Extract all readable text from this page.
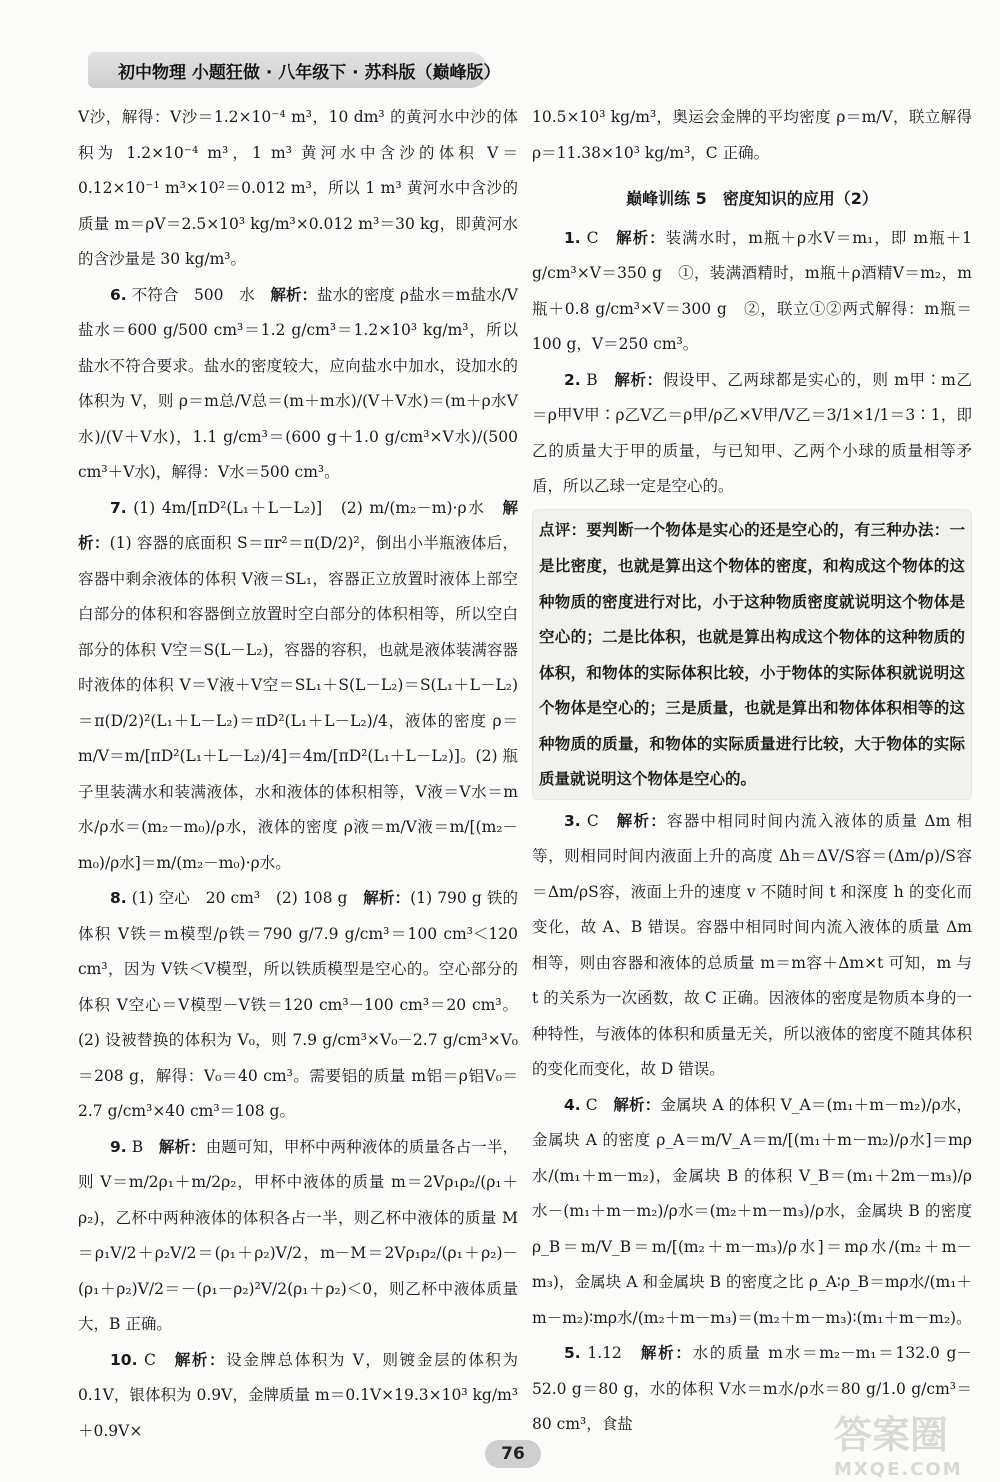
初中物理 小题狂做 · 八年级下 · 苏科版（巅峰版）

V沙，解得：V沙＝1.2×10⁻⁴ m³，10 dm³ 的黄河水中沙的体积为 1.2×10⁻⁴ m³，1 m³ 黄河水中含沙的体积 V＝0.12×10⁻¹ m³×10²＝0.012 m³，所以 1 m³ 黄河水中含沙的质量 m＝ρV＝2.5×10³ kg/m³×0.012 m³＝30 kg，即黄河水的含沙量是 30 kg/m³。

6. 不符合　500　水　 解析：盐水的密度 ρ盐水＝m盐水/V盐水＝600 g/500 cm³＝1.2 g/cm³＝1.2×10³ kg/m³，所以盐水不符合要求。盐水的密度较大，应向盐水中加水，设加水的体积为 V，则 ρ＝m总/V总＝(m＋m水)/(V＋V水)＝(m＋ρ水V水)/(V＋V水)，1.1 g/cm³＝(600 g＋1.0 g/cm³×V水)/(500 cm³＋V水)，解得：V水＝500 cm³。

7. (1) 4m/[πD²(L₁＋L－L₂)]　(2) m/(m₂－m)·ρ水　 解析：(1) 容器的底面积 S＝πr²＝π(D/2)²，倒出小半瓶液体后，容器中剩余液体的体积 V液＝SL₁，容器正立放置时液体上部空白部分的体积和容器倒立放置时空白部分的体积相等，所以空白部分的体积 V空＝S(L－L₂)，容器的容积，也就是液体装满容器时液体的体积 V＝V液＋V空＝SL₁＋S(L－L₂)＝S(L₁＋L－L₂)＝π(D/2)²(L₁＋L－L₂)＝πD²(L₁＋L－L₂)/4，液体的密度 ρ＝m/V＝m/[πD²(L₁＋L－L₂)/4]＝4m/[πD²(L₁＋L－L₂)]。(2) 瓶子里装满水和装满液体，水和液体的体积相等，V液＝V水＝m水/ρ水＝(m₂－m₀)/ρ水，液体的密度 ρ液＝m/V液＝m/[(m₂－m₀)/ρ水]＝m/(m₂－m₀)·ρ水。

8. (1) 空心　20 cm³　(2) 108 g　 解析：(1) 790 g 铁的体积 V铁＝m模型/ρ铁＝790 g/7.9 g/cm³＝100 cm³＜120 cm³，因为 V铁＜V模型，所以铁质模型是空心的。空心部分的体积 V空心＝V模型－V铁＝120 cm³－100 cm³＝20 cm³。(2) 设被替换的体积为 V₀，则 7.9 g/cm³×V₀－2.7 g/cm³×V₀＝208 g，解得：V₀＝40 cm³。需要铝的质量 m铝＝ρ铝V₀＝2.7 g/cm³×40 cm³＝108 g。

9. B　 解析：由题可知，甲杯中两种液体的质量各占一半，则 V＝m/2ρ₁＋m/2ρ₂，甲杯中液体的质量 m＝2Vρ₁ρ₂/(ρ₁＋ρ₂)，乙杯中两种液体的体积各占一半，则乙杯中液体的质量 M＝ρ₁V/2＋ρ₂V/2＝(ρ₁＋ρ₂)V/2，m－M＝2Vρ₁ρ₂/(ρ₁＋ρ₂)－(ρ₁＋ρ₂)V/2＝－(ρ₁－ρ₂)²V/2(ρ₁＋ρ₂)＜0，则乙杯中液体质量大，B 正确。

10. C　 解析：设金牌总体积为 V，则镀金层的体积为 0.1V，银体积为 0.9V，金牌质量 m＝0.1V×19.3×10³ kg/m³＋0.9V×

10.5×10³ kg/m³，奥运会金牌的平均密度 ρ＝m/V，联立解得 ρ＝11.38×10³ kg/m³，C 正确。

巅峰训练 5　密度知识的应用（2）

1. C　 解析：装满水时，m瓶＋ρ水V＝m₁，即 m瓶＋1 g/cm³×V＝350 g　①，装满酒精时，m瓶＋ρ酒精V＝m₂，m瓶＋0.8 g/cm³×V＝300 g　②，联立①②两式解得：m瓶＝100 g，V＝250 cm³。

2. B　 解析：假设甲、乙两球都是实心的，则 m甲∶m乙＝ρ甲V甲∶ρ乙V乙＝ρ甲/ρ乙×V甲/V乙＝3/1×1/1＝3∶1，即乙的质量大于甲的质量，与已知甲、乙两个小球的质量相等矛盾，所以乙球一定是空心的。

点评：要判断一个物体是实心的还是空心的，有三种办法：一是比密度，也就是算出这个物体的密度，和构成这个物体的这种物质的密度进行对比，小于这种物质密度就说明这个物体是空心的；二是比体积，也就是算出构成这个物体的这种物质的体积，和物体的实际体积比较，小于物体的实际体积就说明这个物体是空心的；三是质量，也就是算出和物体体积相等的这种物质的质量，和物体的实际质量进行比较，大于物体的实际质量就说明这个物体是空心的。

3. C　 解析：容器中相同时间内流入液体的质量 Δm 相等，则相同时间内液面上升的高度 Δh＝ΔV/S容＝(Δm/ρ)/S容＝Δm/ρS容，液面上升的速度 v 不随时间 t 和深度 h 的变化而变化，故 A、B 错误。容器中相同时间内流入液体的质量 Δm 相等，则由容器和液体的总质量 m＝m容＋Δm×t 可知，m 与 t 的关系为一次函数，故 C 正确。因液体的密度是物质本身的一种特性，与液体的体积和质量无关，所以液体的密度不随其体积的变化而变化，故 D 错误。

4. C　 解析：金属块 A 的体积 V_A＝(m₁＋m－m₂)/ρ水，金属块 A 的密度 ρ_A＝m/V_A＝m/[(m₁＋m－m₂)/ρ水]＝mρ水/(m₁＋m－m₂)，金属块 B 的体积 V_B＝(m₁＋2m－m₃)/ρ水－(m₁＋m－m₂)/ρ水＝(m₂＋m－m₃)/ρ水，金属块 B 的密度 ρ_B＝m/V_B＝m/[(m₂＋m－m₃)/ρ水]＝mρ水/(m₂＋m－m₃)，金属块 A 和金属块 B 的密度之比 ρ_A∶ρ_B＝mρ水/(m₁＋m－m₂)∶mρ水/(m₂＋m－m₃)＝(m₂＋m－m₃)∶(m₁＋m－m₂)。

5. 1.12　 解析：水的质量 m水＝m₂－m₁＝132.0 g－52.0 g＝80 g，水的体积 V水＝m水/ρ水＝80 g/1.0 g/cm³＝80 cm³，食盐

76	答案圈
MXQE.COM
